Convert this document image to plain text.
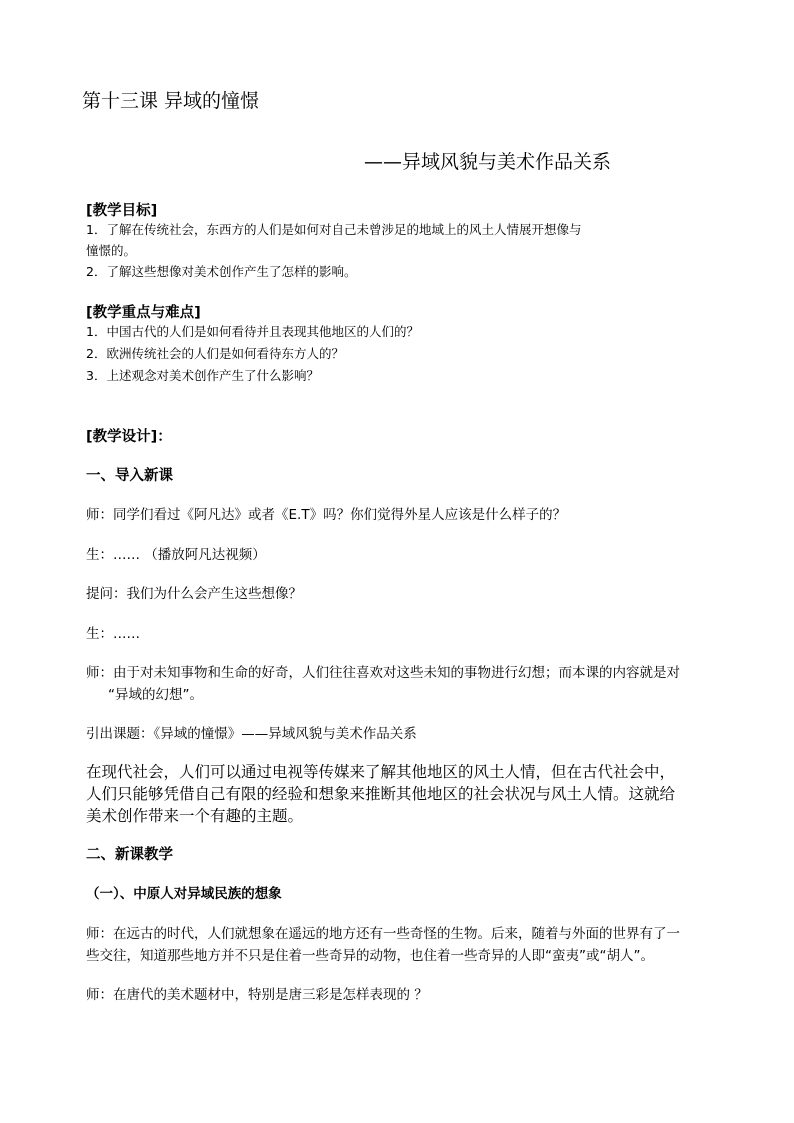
第十三课 异域的憧憬
——异域风貌与美术作品关系
[教学目标]
1．了解在传统社会，东西方的人们是如何对自己未曾涉足的地域上的风土人情展开想像与
憧憬的。
2．了解这些想像对美术创作产生了怎样的影响。
[教学重点与难点]
1．中国古代的人们是如何看待并且表现其他地区的人们的？
2．欧洲传统社会的人们是如何看待东方人的？
3．上述观念对美术创作产生了什么影响？
[教学设计]：
一、导入新课
师：同学们看过《阿凡达》或者《E.T》吗？你们觉得外星人应该是什么样子的？
生：…… （播放阿凡达视频）
提问：我们为什么会产生这些想像？
生：……
师：由于对未知事物和生命的好奇，人们往往喜欢对这些未知的事物进行幻想；而本课的内容就是对
“异域的幻想”。
引出课题：《异域的憧憬》——异域风貌与美术作品关系
在现代社会，人们可以通过电视等传媒来了解其他地区的风土人情，但在古代社会中，
人们只能够凭借自己有限的经验和想象来推断其他地区的社会状况与风土人情。这就给
美术创作带来一个有趣的主题。
二、新课教学
（一）、中原人对异域民族的想象
师：在远古的时代，人们就想象在遥远的地方还有一些奇怪的生物。后来，随着与外面的世界有了一
些交往，知道那些地方并不只是住着一些奇异的动物，也住着一些奇异的人即“蛮夷”或“胡人”。
师：在唐代的美术题材中，特别是唐三彩是怎样表现的 ？
